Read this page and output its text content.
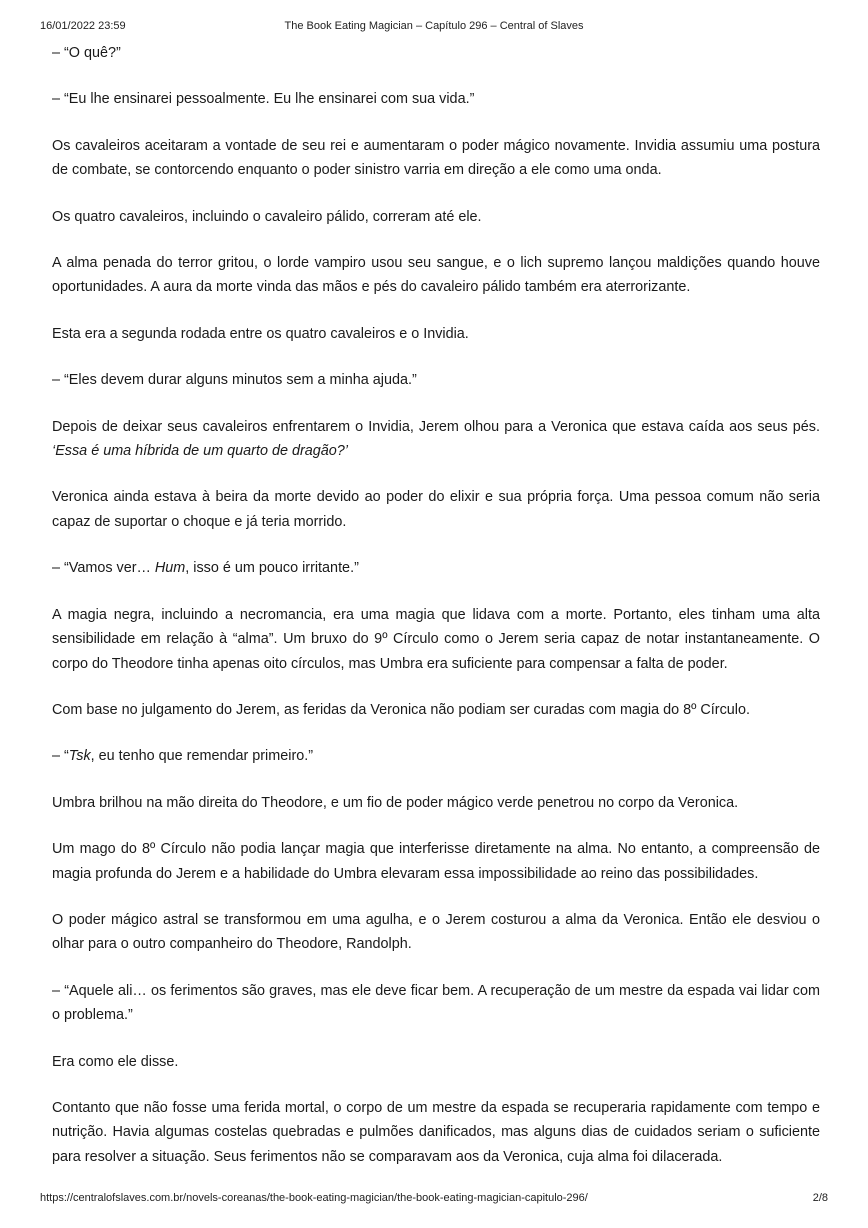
16/01/2022 23:59	The Book Eating Magician – Capítulo 296 – Central of Slaves

– “O quê?”

– “Eu lhe ensinarei pessoalmente. Eu lhe ensinarei com sua vida.”

Os cavaleiros aceitaram a vontade de seu rei e aumentaram o poder mágico novamente. Invidia assumiu uma postura de combate, se contorcendo enquanto o poder sinistro varria em direção a ele como uma onda.

Os quatro cavaleiros, incluindo o cavaleiro pálido, correram até ele.

A alma penada do terror gritou, o lorde vampiro usou seu sangue, e o lich supremo lançou maldições quando houve oportunidades. A aura da morte vinda das mãos e pés do cavaleiro pálido também era aterrorizante.

Esta era a segunda rodada entre os quatro cavaleiros e o Invidia.

– “Eles devem durar alguns minutos sem a minha ajuda.”

Depois de deixar seus cavaleiros enfrentarem o Invidia, Jerem olhou para a Veronica que estava caída aos seus pés. ‘Essa é uma híbrida de um quarto de dragão?’

Veronica ainda estava à beira da morte devido ao poder do elixir e sua própria força. Uma pessoa comum não seria capaz de suportar o choque e já teria morrido.

– “Vamos ver… Hum, isso é um pouco irritante.”

A magia negra, incluindo a necromancia, era uma magia que lidava com a morte. Portanto, eles tinham uma alta sensibilidade em relação à “alma”. Um bruxo do 9º Círculo como o Jerem seria capaz de notar instantaneamente. O corpo do Theodore tinha apenas oito círculos, mas Umbra era suficiente para compensar a falta de poder.

Com base no julgamento do Jerem, as feridas da Veronica não podiam ser curadas com magia do 8º Círculo.

– “Tsk, eu tenho que remendar primeiro.”

Umbra brilhou na mão direita do Theodore, e um fio de poder mágico verde penetrou no corpo da Veronica.

Um mago do 8º Círculo não podia lançar magia que interferisse diretamente na alma. No entanto, a compreensão de magia profunda do Jerem e a habilidade do Umbra elevaram essa impossibilidade ao reino das possibilidades.

O poder mágico astral se transformou em uma agulha, e o Jerem costurou a alma da Veronica. Então ele desviou o olhar para o outro companheiro do Theodore, Randolph.

– “Aquele ali… os ferimentos são graves, mas ele deve ficar bem. A recuperação de um mestre da espada vai lidar com o problema.”

Era como ele disse.

Contanto que não fosse uma ferida mortal, o corpo de um mestre da espada se recuperaria rapidamente com tempo e nutrição. Havia algumas costelas quebradas e pulmões danificados, mas alguns dias de cuidados seriam o suficiente para resolver a situação. Seus ferimentos não se comparavam aos da Veronica, cuja alma foi dilacerada.

https://centralofslaves.com.br/novels-coreanas/the-book-eating-magician/the-book-eating-magician-capitulo-296/	2/8
